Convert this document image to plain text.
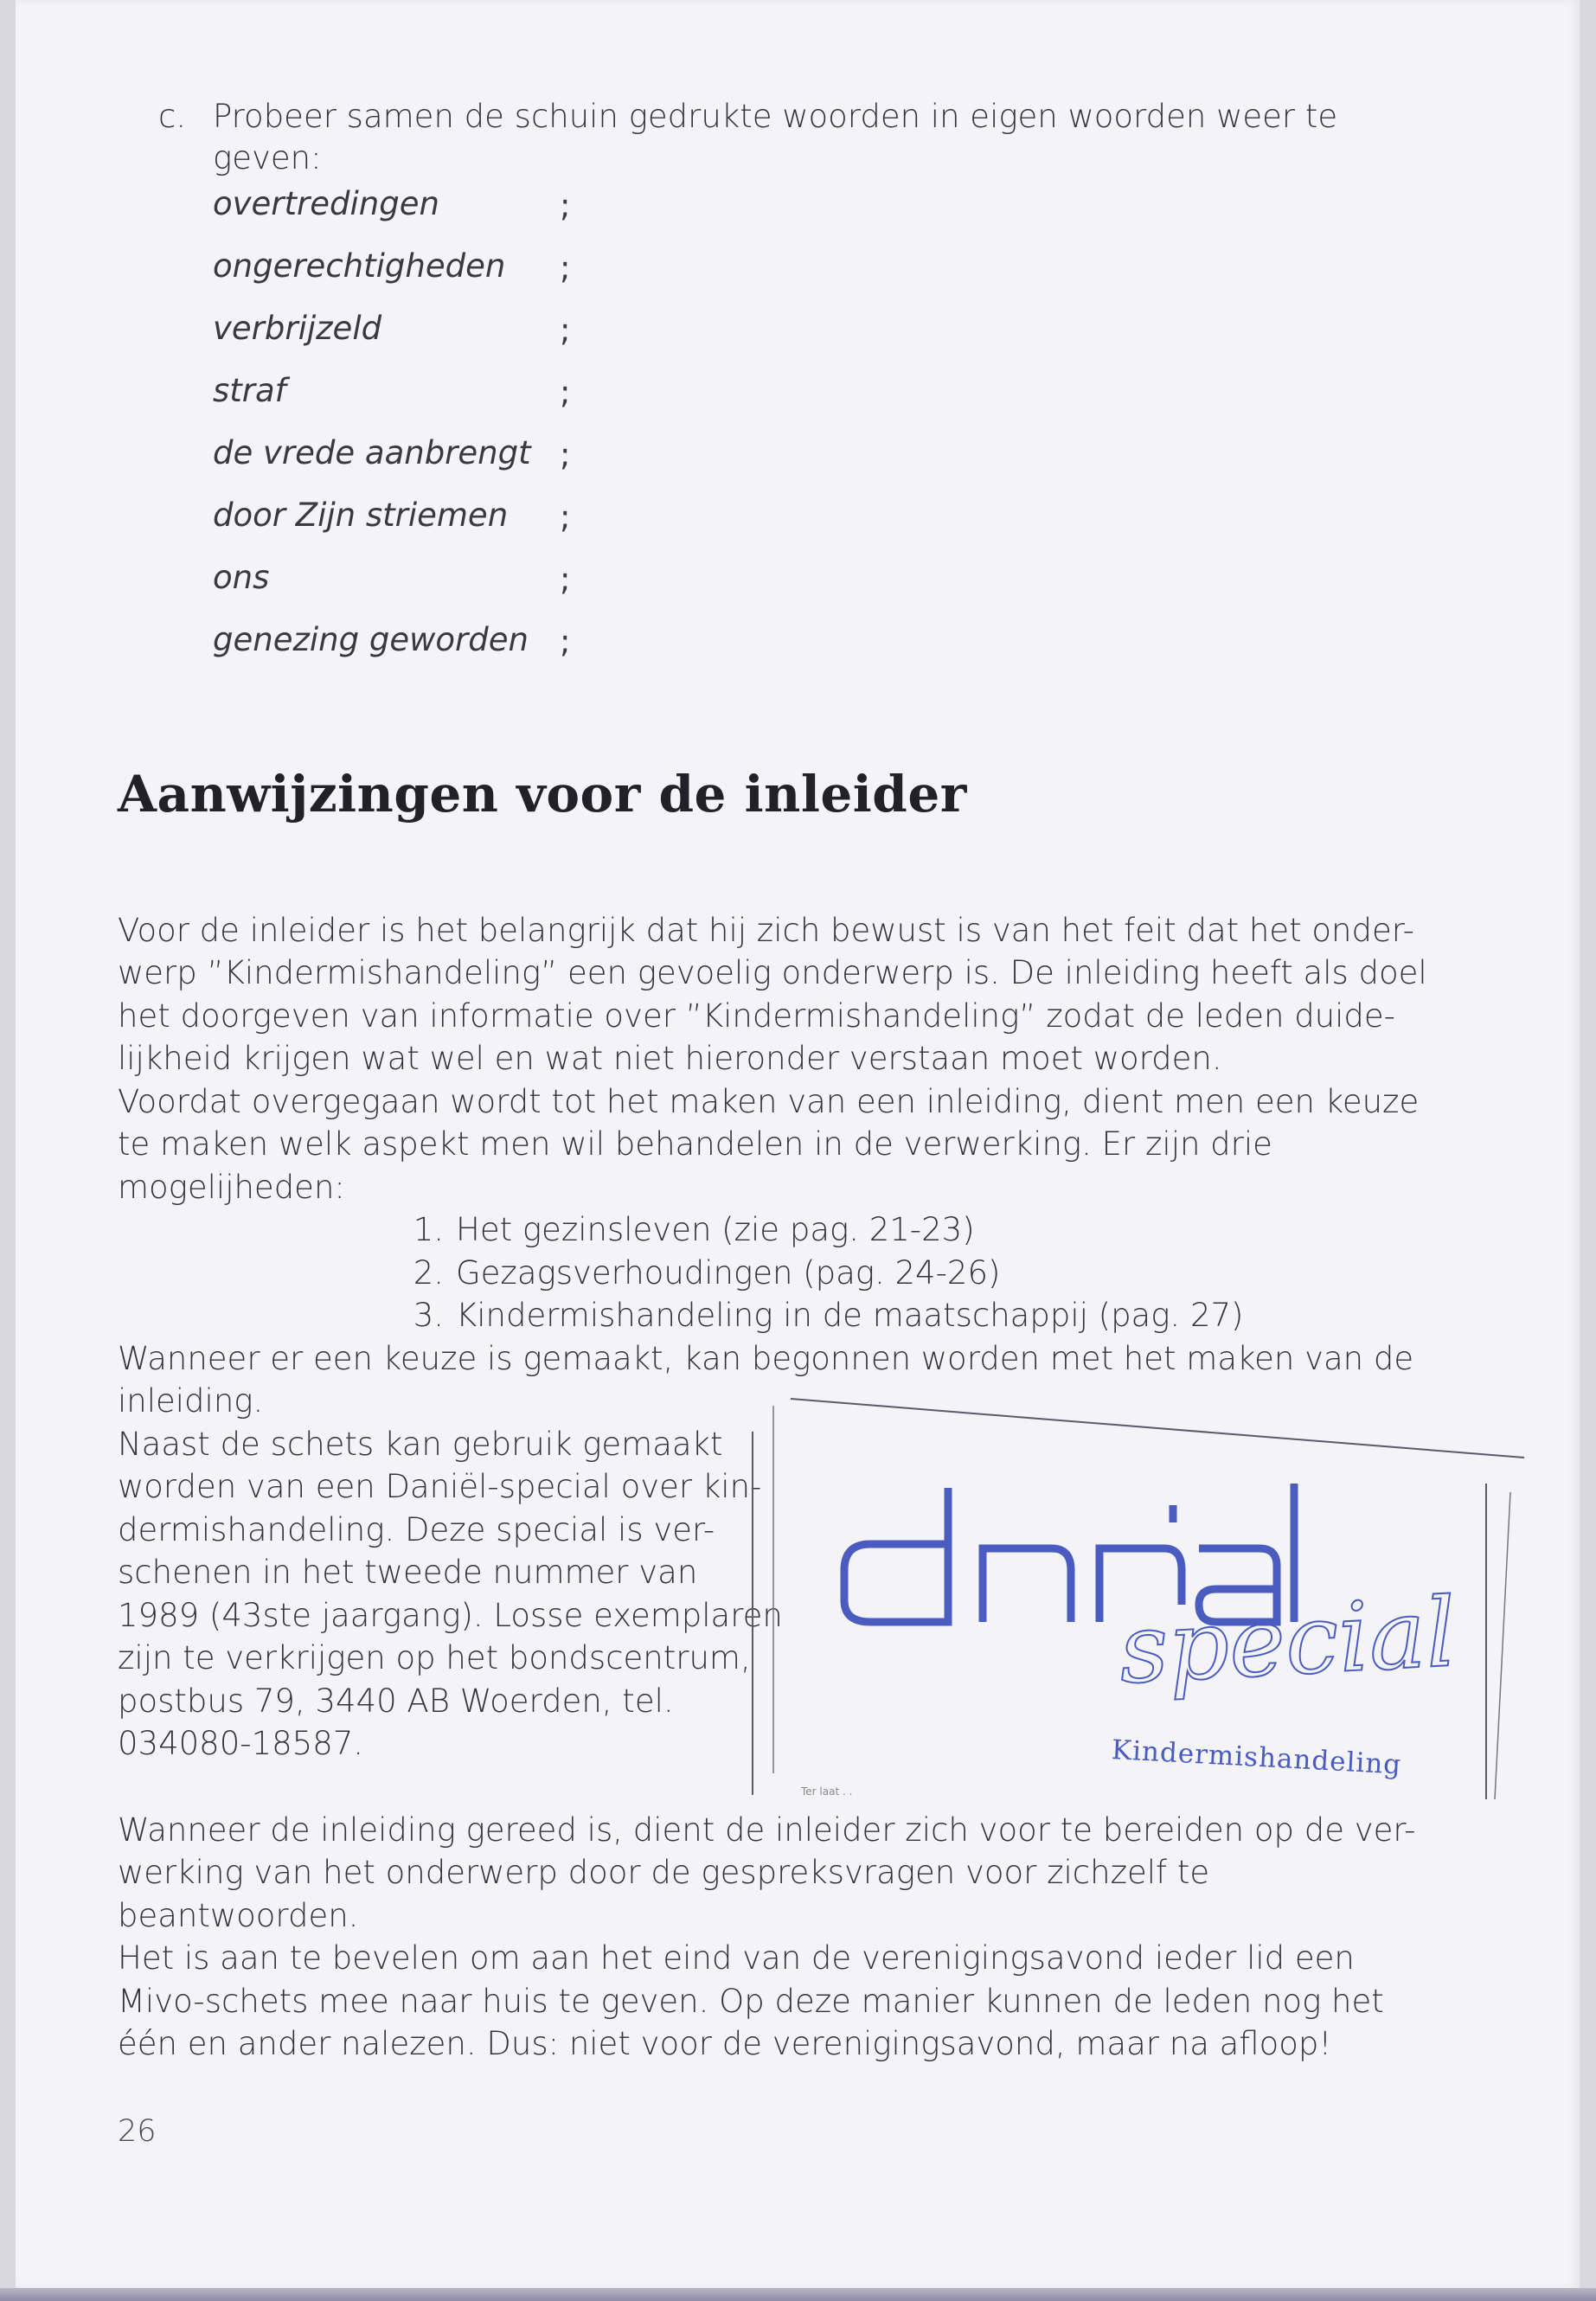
c. Probeer samen de schuin gedrukte woorden in eigen woorden weer te
geven:
overtredingen	;
ongerechtigheden ;
verbrijzeld	;
straf	;
de vrede aanbrengt ;
door Zijn striemen ;
ons	;
genezing geworden ;
Aanwijzingen voor de inleider
Voor de inleider is het belangrijk dat hij zich bewust is van het feit dat het onder-
werp ”Kindermishandeling” een gevoelig onderwerp is. De inleiding heeft als doel
het doorgeven van informatie over ”Kindermishandeling” zodat de leden duide-
lijkheid krijgen wat wel en wat niet hieronder verstaan moet worden.
Voordat overgegaan wordt tot het maken van een inleiding, dient men een keuze
te maken welk aspekt men wil behandelen in de verwerking. Er zijn drie
mogelijheden:
1. Het gezinsleven (zie pag. 21-23)
2. Gezagsverhoudingen (pag. 24-26)
3. Kindermishandeling in de maatschappij (pag. 27)
Wanneer er een keuze is gemaakt, kan begonnen worden met het maken van de
inleiding.
Naast de schets kan gebruik gemaakt
worden van een Daniël-special over kin-
dermishandeling. Deze special is ver-
schenen in het tweede nummer van
1989 (43ste jaargang). Losse exemplaren
zijn te verkrijgen op het bondscentrum,
postbus 79, 3440 AB Woerden, tel.
034080-18587.
special
Ter laat . .
Kindermishandeling
Wanneer de inleiding gereed is, dient de inleider zich voor te bereiden op de ver-
werking van het onderwerp door de gespreksvragen voor zichzelf te
beantwoorden.
Het is aan te bevelen om aan het eind van de verenigingsavond ieder lid een
Mivo-schets mee naar huis te geven. Op deze manier kunnen de leden nog het
één en ander nalezen. Dus: niet voor de verenigingsavond, maar na afloop!
26
